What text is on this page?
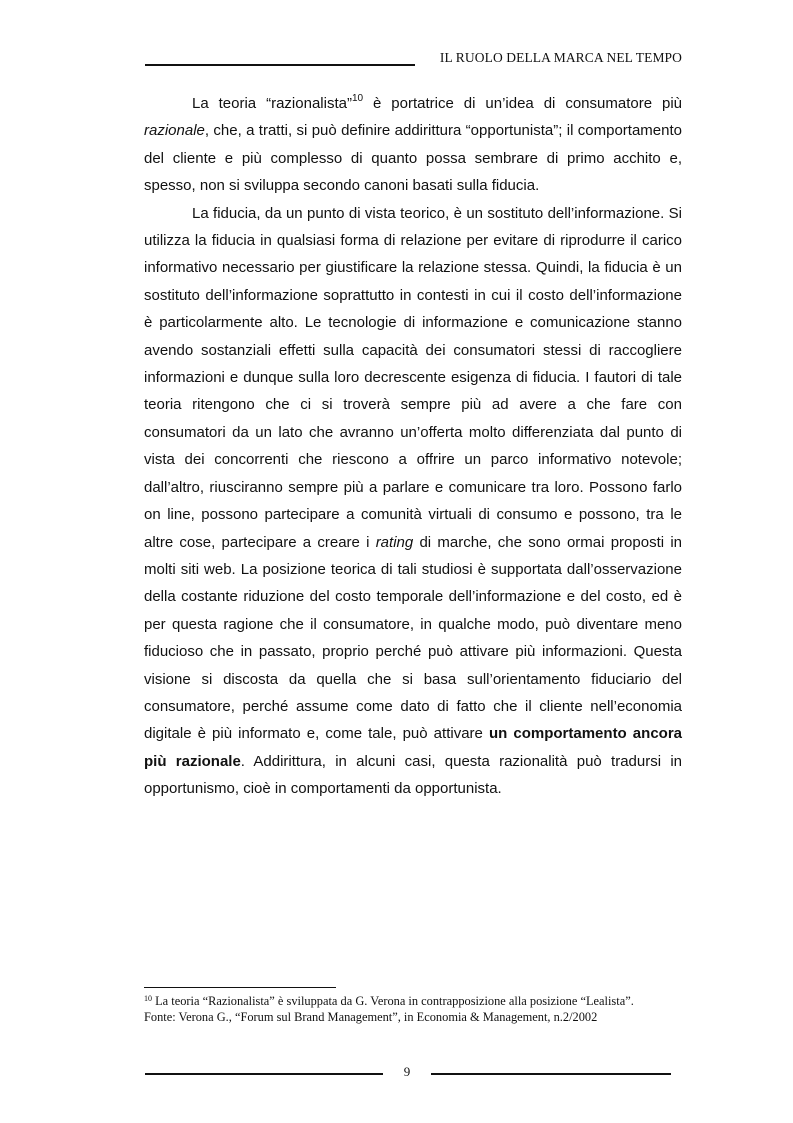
IL RUOLO DELLA MARCA NEL TEMPO

La teoria “razionalista”$^{10}$ è portatrice di un’idea di consumatore più razionale, che, a tratti, si può definire addirittura “opportunista”; il comportamento del cliente e più complesso di quanto possa sembrare di primo acchito e, spesso, non si sviluppa secondo canoni basati sulla fiducia.

La fiducia, da un punto di vista teorico, è un sostituto dell’informazione. Si utilizza la fiducia in qualsiasi forma di relazione per evitare di riprodurre il carico informativo necessario per giustificare la relazione stessa. Quindi, la fiducia è un sostituto dell’informazione soprattutto in contesti in cui il costo dell’informazione è particolarmente alto. Le tecnologie di informazione e comunicazione stanno avendo sostanziali effetti sulla capacità dei consumatori stessi di raccogliere informazioni e dunque sulla loro decrescente esigenza di fiducia. I fautori di tale teoria ritengono che ci si troverà sempre più ad avere a che fare con consumatori da un lato che avranno un’offerta molto differenziata dal punto di vista dei concorrenti che riescono a offrire un parco informativo notevole; dall’altro, riusciranno sempre più a parlare e comunicare tra loro. Possono farlo on line, possono partecipare a comunità virtuali di consumo e possono, tra le altre cose, partecipare a creare i rating di marche, che sono ormai proposti in molti siti web. La posizione teorica di tali studiosi è supportata dall’osservazione della costante riduzione del costo temporale dell’informazione e del costo, ed è per questa ragione che il consumatore, in qualche modo, può diventare meno fiducioso che in passato, proprio perché può attivare più informazioni. Questa visione si discosta da quella che si basa sull’orientamento fiduciario del consumatore, perché assume come dato di fatto che il cliente nell’economia digitale è più informato e, come tale, può attivare un comportamento ancora più razionale. Addirittura, in alcuni casi, questa razionalità può tradursi in opportunismo, cioè in comportamenti da opportunista.

$^{10}$ La teoria “Razionalista” è sviluppata da G. Verona in contrapposizione alla posizione “Lealista”.
Fonte: Verona G., “Forum sul Brand Management”, in Economia & Management, n.2/2002
9
